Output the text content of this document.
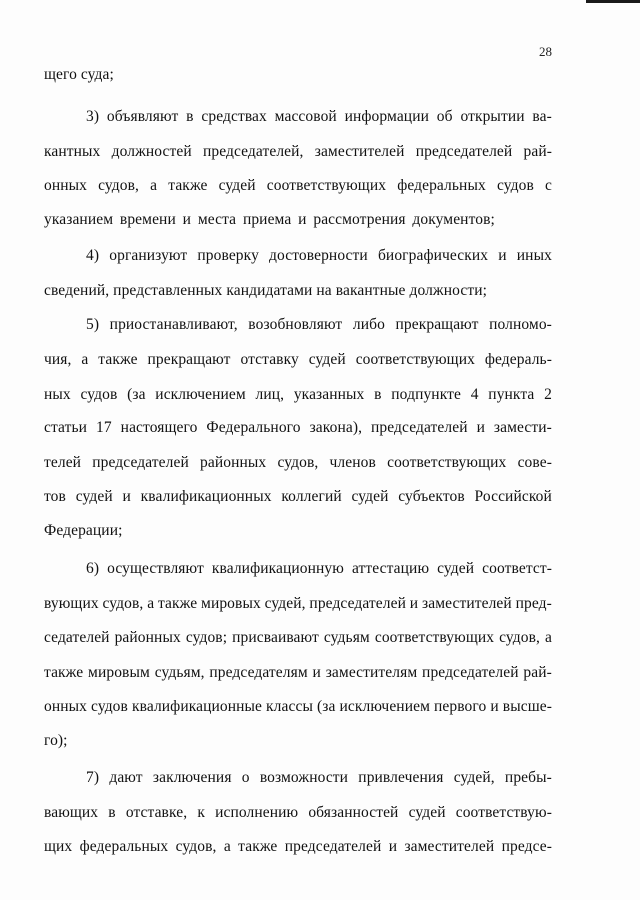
28
щего суда;
3) объявляют в средствах массовой информации об открытии ва-
кантных должностей председателей, заместителей председателей рай-
онных судов, а также судей соответствующих федеральных судов с
указанием времени и места приема и рассмотрения документов;
4) организуют проверку достоверности биографических и иных
сведений, представленных кандидатами на вакантные должности;
5) приостанавливают, возобновляют либо прекращают полномо-
чия, а также прекращают отставку судей соответствующих федераль-
ных судов (за исключением лиц, указанных в подпункте 4 пункта 2
статьи 17 настоящего Федерального закона), председателей и замести-
телей председателей районных судов, членов соответствующих сове-
тов судей и квалификационных коллегий судей субъектов Российской
Федерации;
6) осуществляют квалификационную аттестацию судей соответст-
вующих судов, а также мировых судей, председателей и заместителей пред-
седателей районных судов; присваивают судьям соответствующих судов, а
также мировым судьям, председателям и заместителям председателей рай-
онных судов квалификационные классы (за исключением первого и высше-
го);
7) дают заключения о возможности привлечения судей, пребы-
вающих в отставке, к исполнению обязанностей судей соответствую-
щих федеральных судов, а также председателей и заместителей предсе-
